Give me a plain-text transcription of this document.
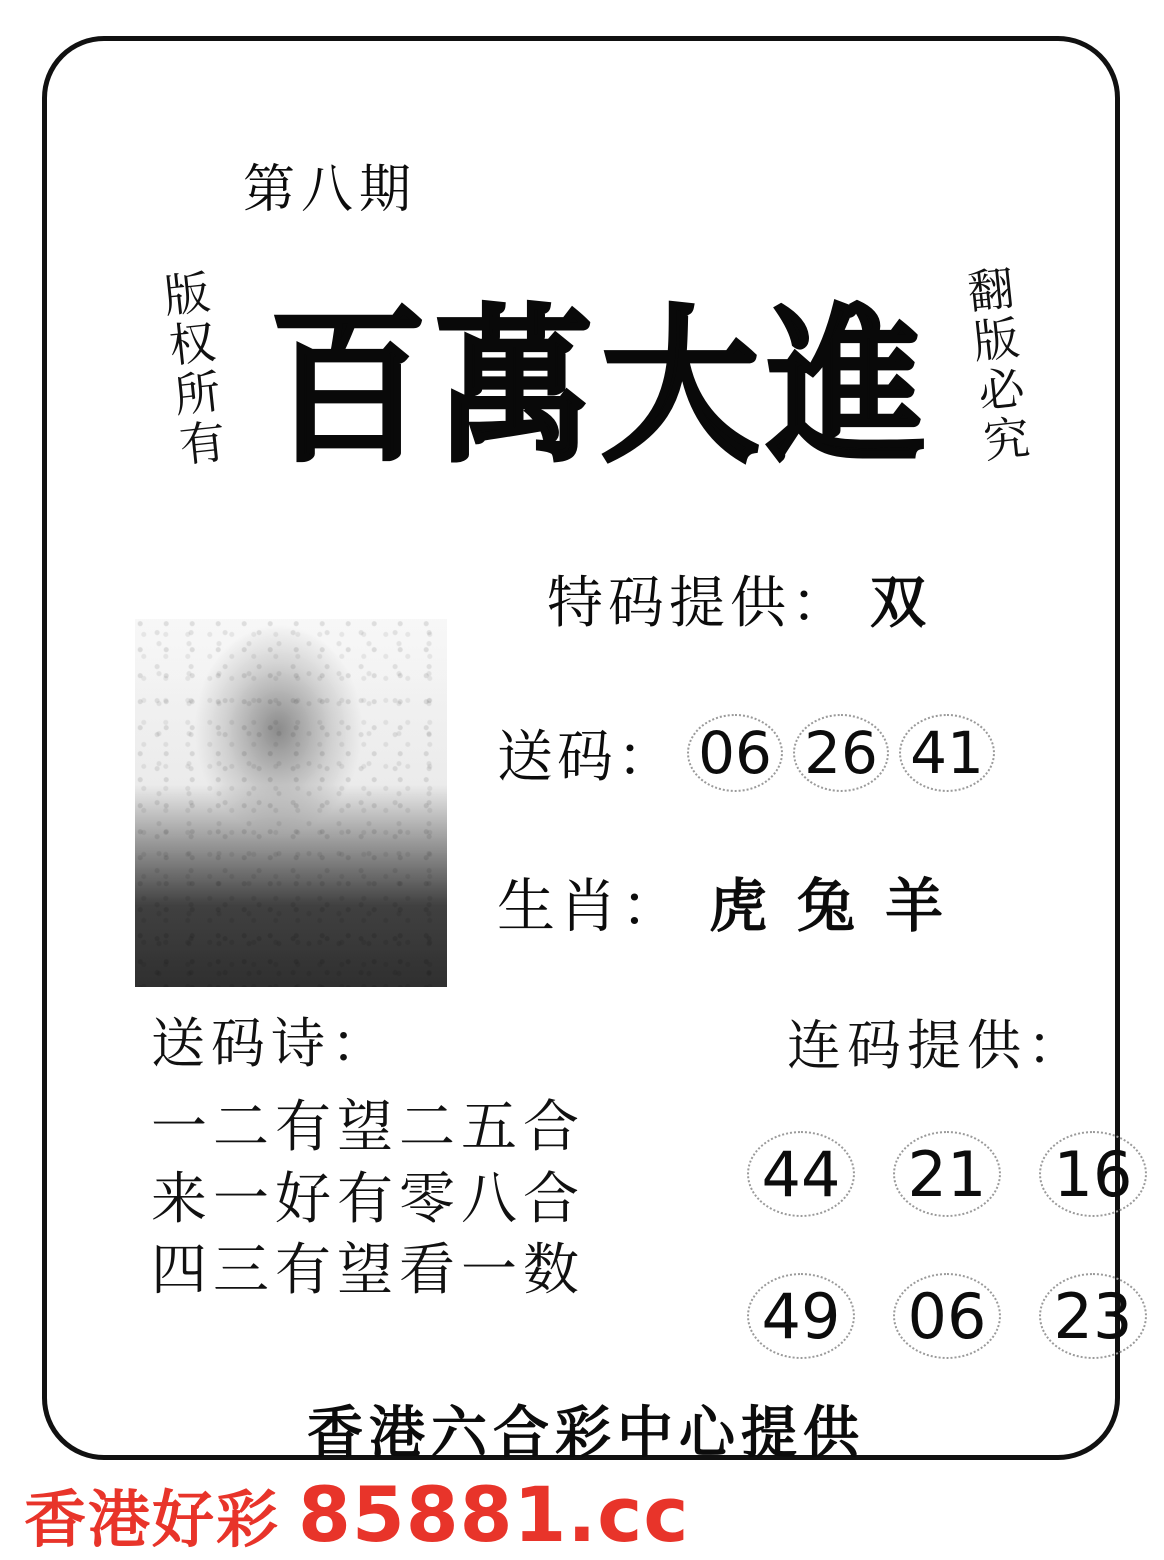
第八期
版权所有	翻版必究
百萬大進
特码提供： 双
送码： 06 26 41
生肖： 虎 兔 羊
送码诗：
一二有望二五合
来一好有零八合
四三有望看一数
连码提供：
44 21 16
49 06 23
香港六合彩中心提供
香港好彩 85881.cc
